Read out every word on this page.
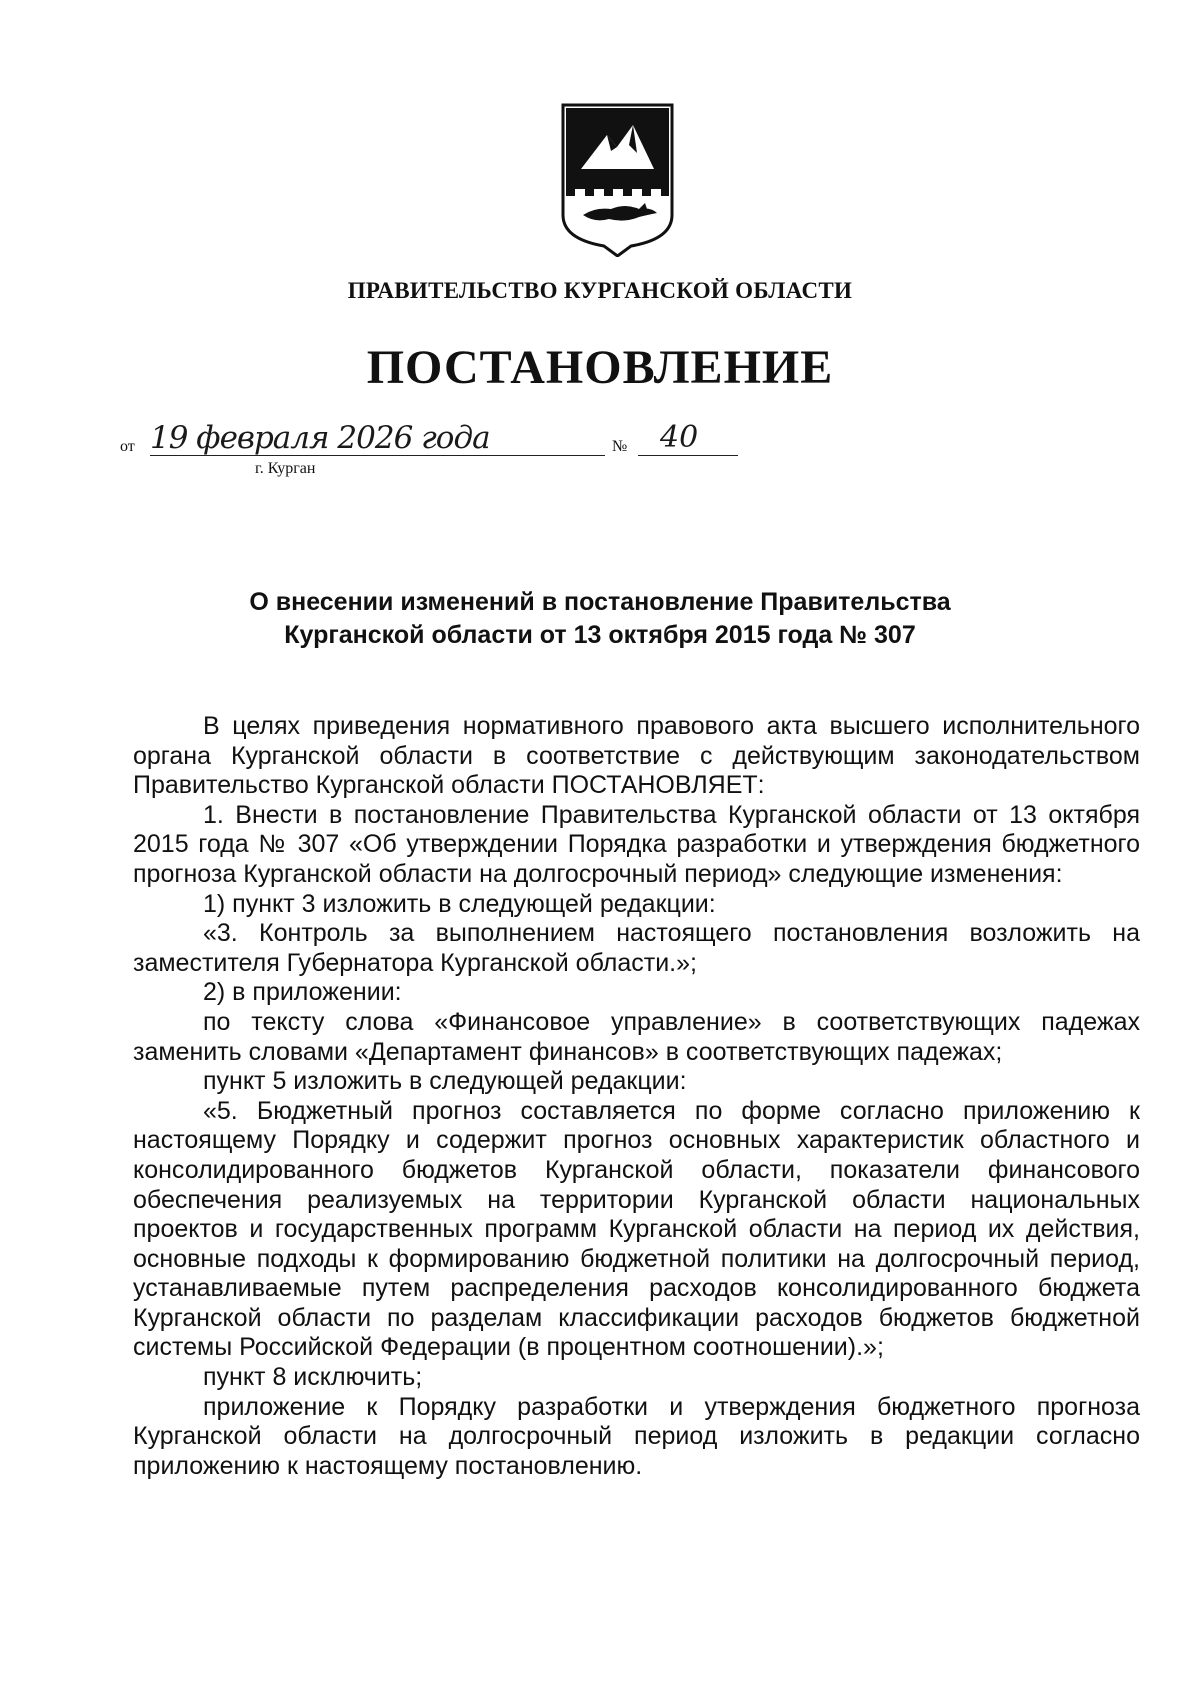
ПРАВИТЕЛЬСТВО КУРГАНСКОЙ ОБЛАСТИ
ПОСТАНОВЛЕНИЕ
от 19 февраля 2026 года	№ 40
г. Курган
О внесении изменений в постановление Правительства
Курганской области от 13 октября 2015 года № 307

В целях приведения нормативного правового акта высшего исполнительного органа Курганской области в соответствие с действующим законодательством Правительство Курганской области ПОСТАНОВЛЯЕТ:

1. Внести в постановление Правительства Курганской области от 13 октября 2015 года № 307 «Об утверждении Порядка разработки и утверждения бюджетного прогноза Курганской области на долгосрочный период» следующие изменения:

1) пункт 3 изложить в следующей редакции:

«3. Контроль за выполнением настоящего постановления возложить на заместителя Губернатора Курганской области.»;

2) в приложении:

по тексту слова «Финансовое управление» в соответствующих падежах заменить словами «Департамент финансов» в соответствующих падежах;

пункт 5 изложить в следующей редакции:

«5. Бюджетный прогноз составляется по форме согласно приложению к настоящему Порядку и содержит прогноз основных характеристик областного и консолидированного бюджетов Курганской области, показатели финансового обеспечения реализуемых на территории Курганской области национальных проектов и государственных программ Курганской области на период их действия, основные подходы к формированию бюджетной политики на долгосрочный период, устанавливаемые путем распределения расходов консолидированного бюджета Курганской области по разделам классификации расходов бюджетов бюджетной системы Российской Федерации (в процентном соотношении).»;

пункт 8 исключить;

приложение к Порядку разработки и утверждения бюджетного прогноза Курганской области на долгосрочный период изложить в редакции согласно приложению к настоящему постановлению.
